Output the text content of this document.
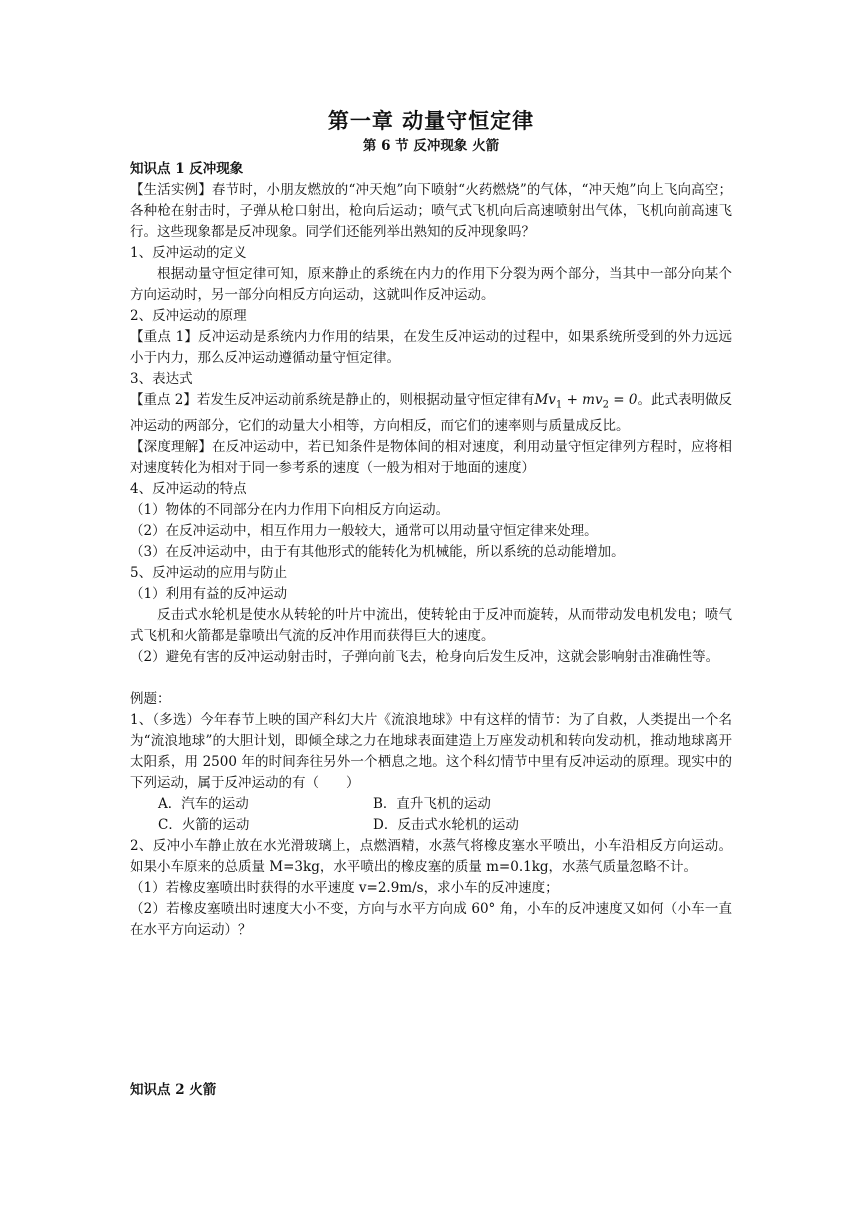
第一章 动量守恒定律
第 6 节 反冲现象 火箭

知识点 1 反冲现象

【生活实例】春节时，小朋友燃放的“冲天炮”向下喷射“火药燃烧”的气体，“冲天炮”向上飞向高空；各种枪在射击时，子弹从枪口射出，枪向后运动；喷气式飞机向后高速喷射出气体，飞机向前高速飞行。这些现象都是反冲现象。同学们还能列举出熟知的反冲现象吗？

1、反冲运动的定义

根据动量守恒定律可知，原来静止的系统在内力的作用下分裂为两个部分，当其中一部分向某个方向运动时，另一部分向相反方向运动，这就叫作反冲运动。

2、反冲运动的原理

【重点 1】反冲运动是系统内力作用的结果，在发生反冲运动的过程中，如果系统所受到的外力远远小于内力，那么反冲运动遵循动量守恒定律。

3、表达式

【重点 2】若发生反冲运动前系统是静止的，则根据动量守恒定律有$Mv_1 + mv_2 = 0$。此式表明做反冲运动的两部分，它们的动量大小相等，方向相反，而它们的速率则与质量成反比。

【深度理解】在反冲运动中，若已知条件是物体间的相对速度，利用动量守恒定律列方程时，应将相对速度转化为相对于同一参考系的速度（一般为相对于地面的速度）

4、反冲运动的特点

（1）物体的不同部分在内力作用下向相反方向运动。

（2）在反冲运动中，相互作用力一般较大，通常可以用动量守恒定律来处理。

（3）在反冲运动中，由于有其他形式的能转化为机械能，所以系统的总动能增加。

5、反冲运动的应用与防止

（1）利用有益的反冲运动

反击式水轮机是使水从转轮的叶片中流出，使转轮由于反冲而旋转，从而带动发电机发电；喷气式飞机和火箭都是靠喷出气流的反冲作用而获得巨大的速度。

（2）避免有害的反冲运动射击时，子弹向前飞去，枪身向后发生反冲，这就会影响射击准确性等。

例题：

1、（多选）今年春节上映的国产科幻大片《流浪地球》中有这样的情节：为了自救，人类提出一个名为“流浪地球”的大胆计划，即倾全球之力在地球表面建造上万座发动机和转向发动机，推动地球离开太阳系，用 2500 年的时间奔往另外一个栖息之地。这个科幻情节中里有反冲运动的原理。现实中的下列运动，属于反冲运动的有（　　）

A．汽车的运动	B．直升飞机的运动
C．火箭的运动	D．反击式水轮机的运动

2、反冲小车静止放在水光滑玻璃上，点燃酒精，水蒸气将橡皮塞水平喷出，小车沿相反方向运动。如果小车原来的总质量 M=3kg，水平喷出的橡皮塞的质量 m=0.1kg，水蒸气质量忽略不计。

（1）若橡皮塞喷出时获得的水平速度 v=2.9m/s，求小车的反冲速度；

（2）若橡皮塞喷出时速度大小不变，方向与水平方向成 60° 角，小车的反冲速度又如何（小车一直在水平方向运动）？

知识点 2 火箭
